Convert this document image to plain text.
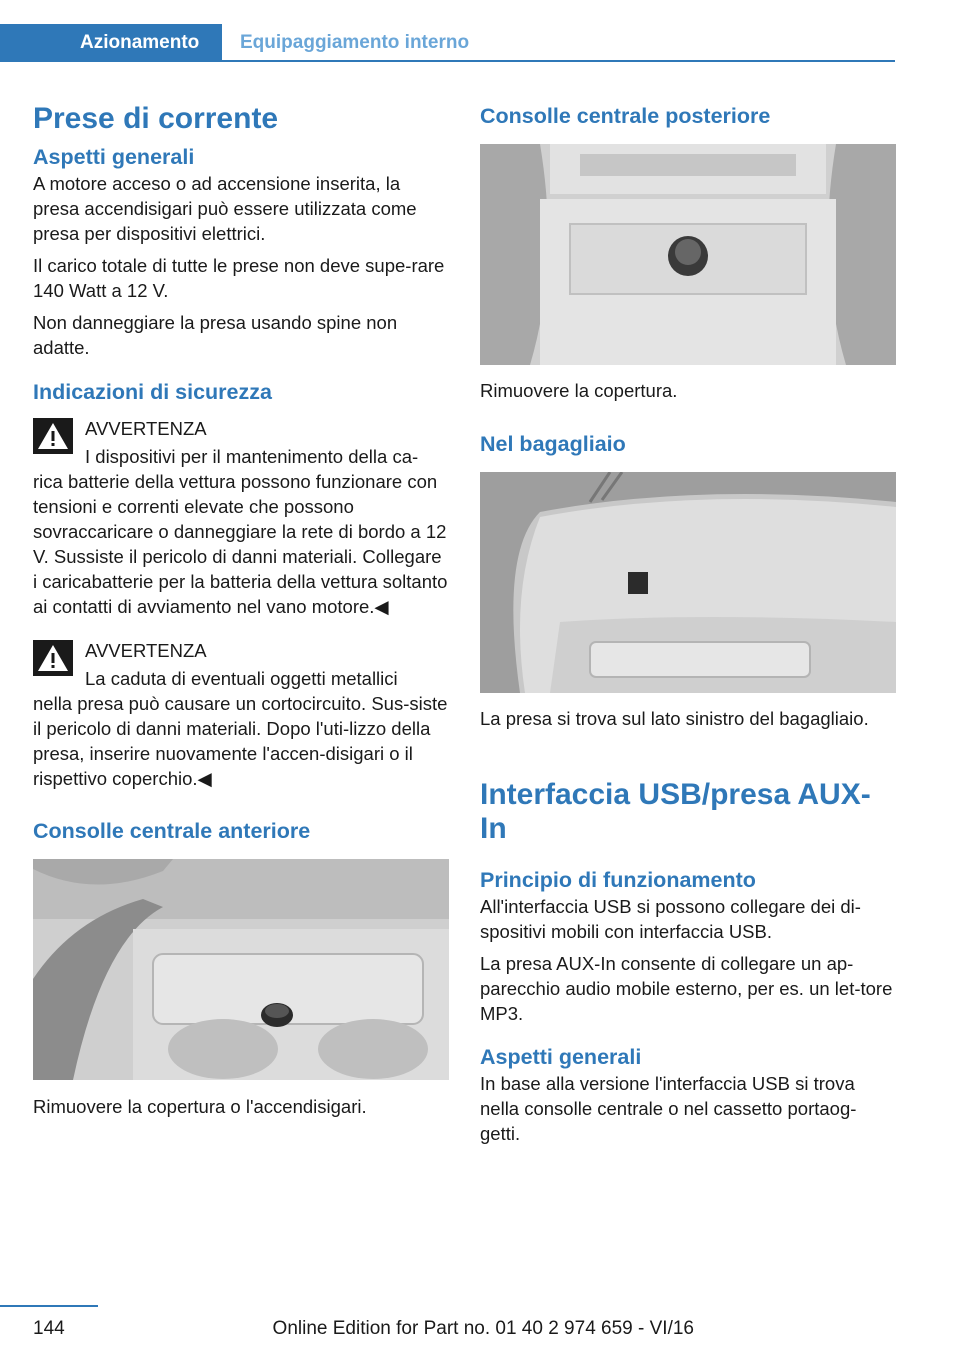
Azionamento	Equipaggiamento interno
Prese di corrente
Aspetti generali

A motore acceso o ad accensione inserita, la presa accendisigari può essere utilizzata come presa per dispositivi elettrici.

Il carico totale di tutte le prese non deve supe‐rare 140 Watt a 12 V.

Non danneggiare la presa usando spine non adatte.

Indicazioni di sicurezza

AVVERTENZA

I dispositivi per il mantenimento della ca‐

rica batterie della vettura possono funzionare con tensioni e correnti elevate che possono sovraccaricare o danneggiare la rete di bordo a 12 V. Sussiste il pericolo di danni materiali. Collegare i caricabatterie per la batteria della vettura soltanto ai contatti di avviamento nel vano motore.◀

AVVERTENZA

La caduta di eventuali oggetti metallici

nella presa può causare un cortocircuito. Sus‐siste il pericolo di danni materiali. Dopo l'uti‐lizzo della presa, inserire nuovamente l'accen‐disigari o il rispettivo coperchio.◀

Consolle centrale anteriore

Rimuovere la copertura o l'accendisigari.

Consolle centrale posteriore

Rimuovere la copertura.

Nel bagagliaio

La presa si trova sul lato sinistro del bagagliaio.

Interfaccia USB/presa AUX-In
Principio di funzionamento

All'interfaccia USB si possono collegare dei di‐spositivi mobili con interfaccia USB.

La presa AUX-In consente di collegare un ap‐parecchio audio mobile esterno, per es. un let‐tore MP3.

Aspetti generali

In base alla versione l'interfaccia USB si trova nella consolle centrale o nel cassetto portaog‐getti.

144	Online Edition for Part no. 01 40 2 974 659 - VI/16
